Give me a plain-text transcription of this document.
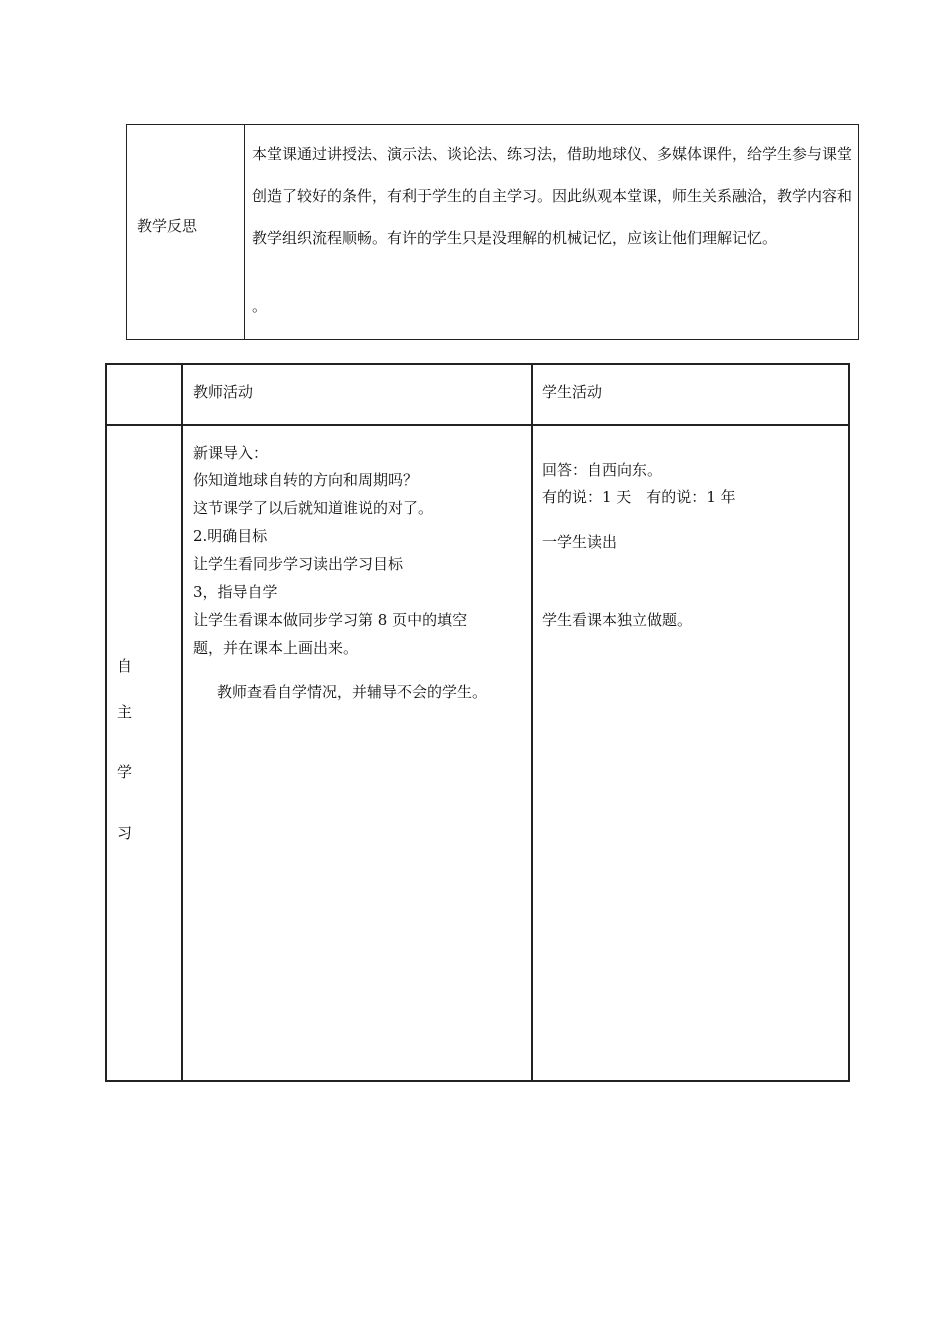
教学反思
本堂课通过讲授法、演示法、谈论法、练习法，借助地球仪、多媒体课件，给学生参与课堂创造了较好的条件，有利于学生的自主学习。因此纵观本堂课，师生关系融洽，教学内容和教学组织流程顺畅。有许的学生只是没理解的机械记忆，应该让他们理解记忆。
。
教师活动	学生活动
自
主
学
习
新课导入：
你知道地球自转的方向和周期吗？
这节课学了以后就知道谁说的对了。
2.明确目标
让学生看同步学习读出学习目标
3，指导自学
让学生看课本做同步学习第 8 页中的填空
题，并在课本上画出来。
教师查看自学情况，并辅导不会的学生。
回答：自西向东。
有的说：1 天　有的说：1 年
一学生读出
学生看课本独立做题。
